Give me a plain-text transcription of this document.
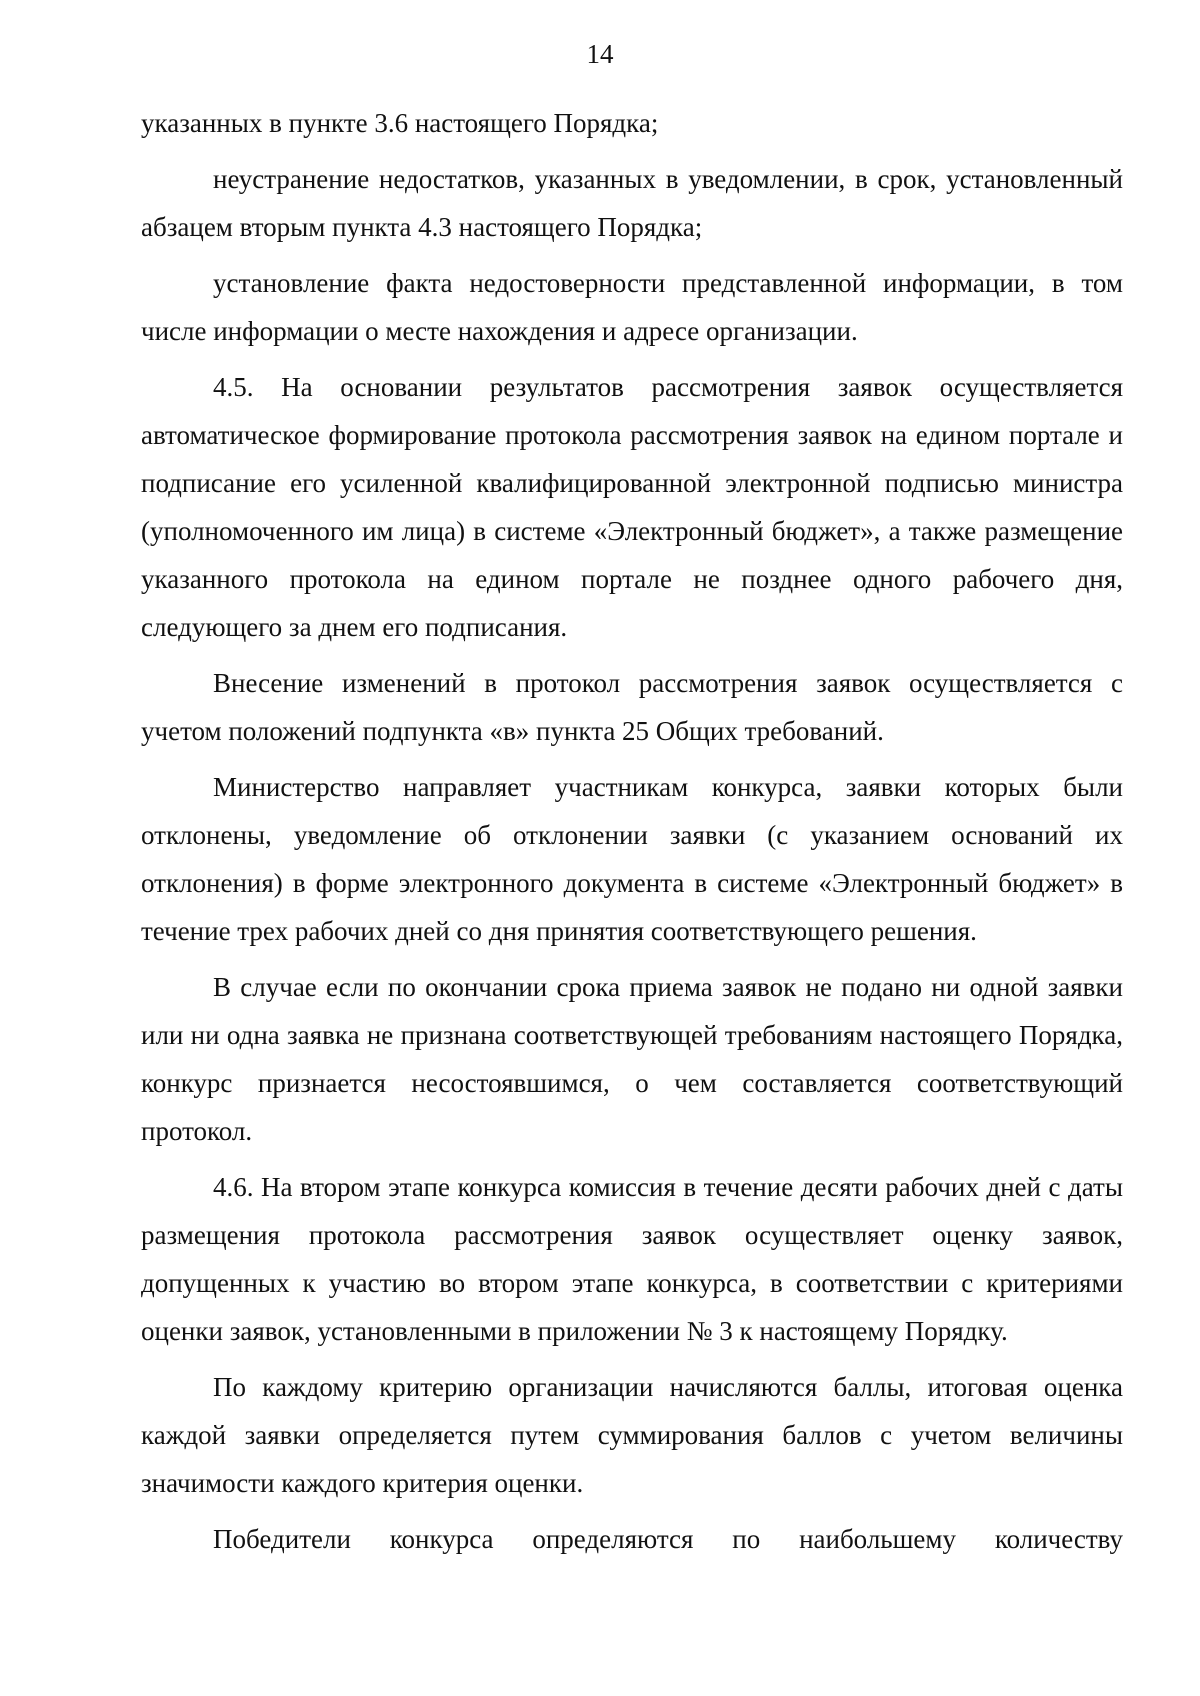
14

указанных в пункте 3.6 настоящего Порядка;

неустранение недостатков, указанных в уведомлении, в срок, установленный абзацем вторым пункта 4.3 настоящего Порядка;

установление факта недостоверности представленной информации, в том числе информации о месте нахождения и адресе организации.

4.5. На основании результатов рассмотрения заявок осуществляется автоматическое формирование протокола рассмотрения заявок на едином портале и подписание его усиленной квалифицированной электронной подписью министра (уполномоченного им лица) в системе «Электронный бюджет», а также размещение указанного протокола на едином портале не позднее одного рабочего дня, следующего за днем его подписания.

Внесение изменений в протокол рассмотрения заявок осуществляется с учетом положений подпункта «в» пункта 25 Общих требований.

Министерство направляет участникам конкурса, заявки которых были отклонены, уведомление об отклонении заявки (с указанием оснований их отклонения) в форме электронного документа в системе «Электронный бюджет» в течение трех рабочих дней со дня принятия соответствующего решения.

В случае если по окончании срока приема заявок не подано ни одной заявки или ни одна заявка не признана соответствующей требованиям настоящего Порядка, конкурс признается несостоявшимся, о чем составляется соответствующий протокол.

4.6. На втором этапе конкурса комиссия в течение десяти рабочих дней с даты размещения протокола рассмотрения заявок осуществляет оценку заявок, допущенных к участию во втором этапе конкурса, в соответствии с критериями оценки заявок, установленными в приложении № 3 к настоящему Порядку.

По каждому критерию организации начисляются баллы, итоговая оценка каждой заявки определяется путем суммирования баллов с учетом величины значимости каждого критерия оценки.

Победители конкурса определяются по наибольшему количеству
